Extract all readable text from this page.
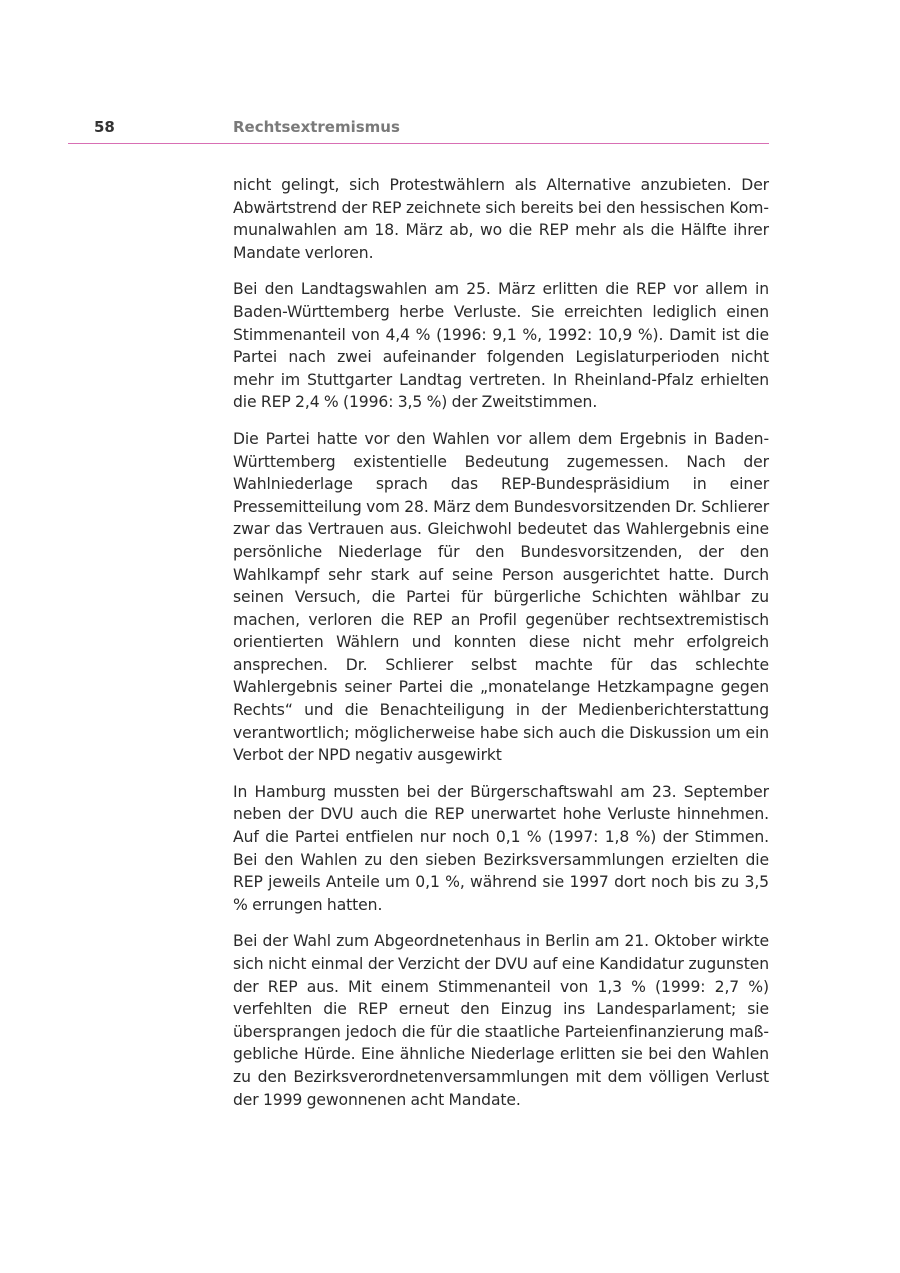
58	Rechtsextremismus

nicht gelingt, sich Protestwählern als Alternative anzubieten. Der Abwärtstrend der REP zeichnete sich bereits bei den hessischen Kommunalwahlen am 18. März ab, wo die REP mehr als die Hälfte ihrer Mandate verloren.

Bei den Landtagswahlen am 25. März erlitten die REP vor allem in Baden-Württemberg herbe Verluste. Sie erreichten lediglich einen Stimmenanteil von 4,4 % (1996: 9,1 %, 1992: 10,9 %). Damit ist die Partei nach zwei aufeinander folgenden Legislaturperioden nicht mehr im Stuttgarter Landtag vertreten. In Rheinland-Pfalz erhielten die REP 2,4 % (1996: 3,5 %) der Zweitstimmen.

Die Partei hatte vor den Wahlen vor allem dem Ergebnis in Baden-Württemberg existentielle Bedeutung zugemessen. Nach der Wahlniederlage sprach das REP-Bundespräsidium in einer Pressemitteilung vom 28. März dem Bundesvorsitzenden Dr. Schlierer zwar das Vertrauen aus. Gleichwohl bedeutet das Wahlergebnis eine persönliche Niederlage für den Bundesvorsitzenden, der den Wahlkampf sehr stark auf seine Person ausgerichtet hatte. Durch seinen Versuch, die Partei für bürgerliche Schichten wählbar zu machen, verloren die REP an Profil gegenüber rechtsextremistisch orientierten Wählern und konnten diese nicht mehr erfolgreich ansprechen. Dr. Schlierer selbst machte für das schlechte Wahlergebnis seiner Partei die „monatelange Hetzkampagne gegen Rechts“ und die Benachteiligung in der Medienberichterstattung verantwortlich; möglicherweise habe sich auch die Diskussion um ein Verbot der NPD negativ ausgewirkt

In Hamburg mussten bei der Bürgerschaftswahl am 23. September neben der DVU auch die REP unerwartet hohe Verluste hinnehmen. Auf die Partei entfielen nur noch 0,1 % (1997: 1,8 %) der Stimmen. Bei den Wahlen zu den sieben Bezirksversammlungen erzielten die REP jeweils Anteile um 0,1 %, während sie 1997 dort noch bis zu 3,5 % errungen hatten.

Bei der Wahl zum Abgeordnetenhaus in Berlin am 21. Oktober wirkte sich nicht einmal der Verzicht der DVU auf eine Kandidatur zugunsten der REP aus. Mit einem Stimmenanteil von 1,3 % (1999: 2,7 %) verfehlten die REP erneut den Einzug ins Landesparlament; sie übersprangen jedoch die für die staatliche Parteienfinanzierung maßgebliche Hürde. Eine ähnliche Niederlage erlitten sie bei den Wahlen zu den Bezirksverordnetenversammlungen mit dem völligen Verlust der 1999 gewonnenen acht Mandate.
